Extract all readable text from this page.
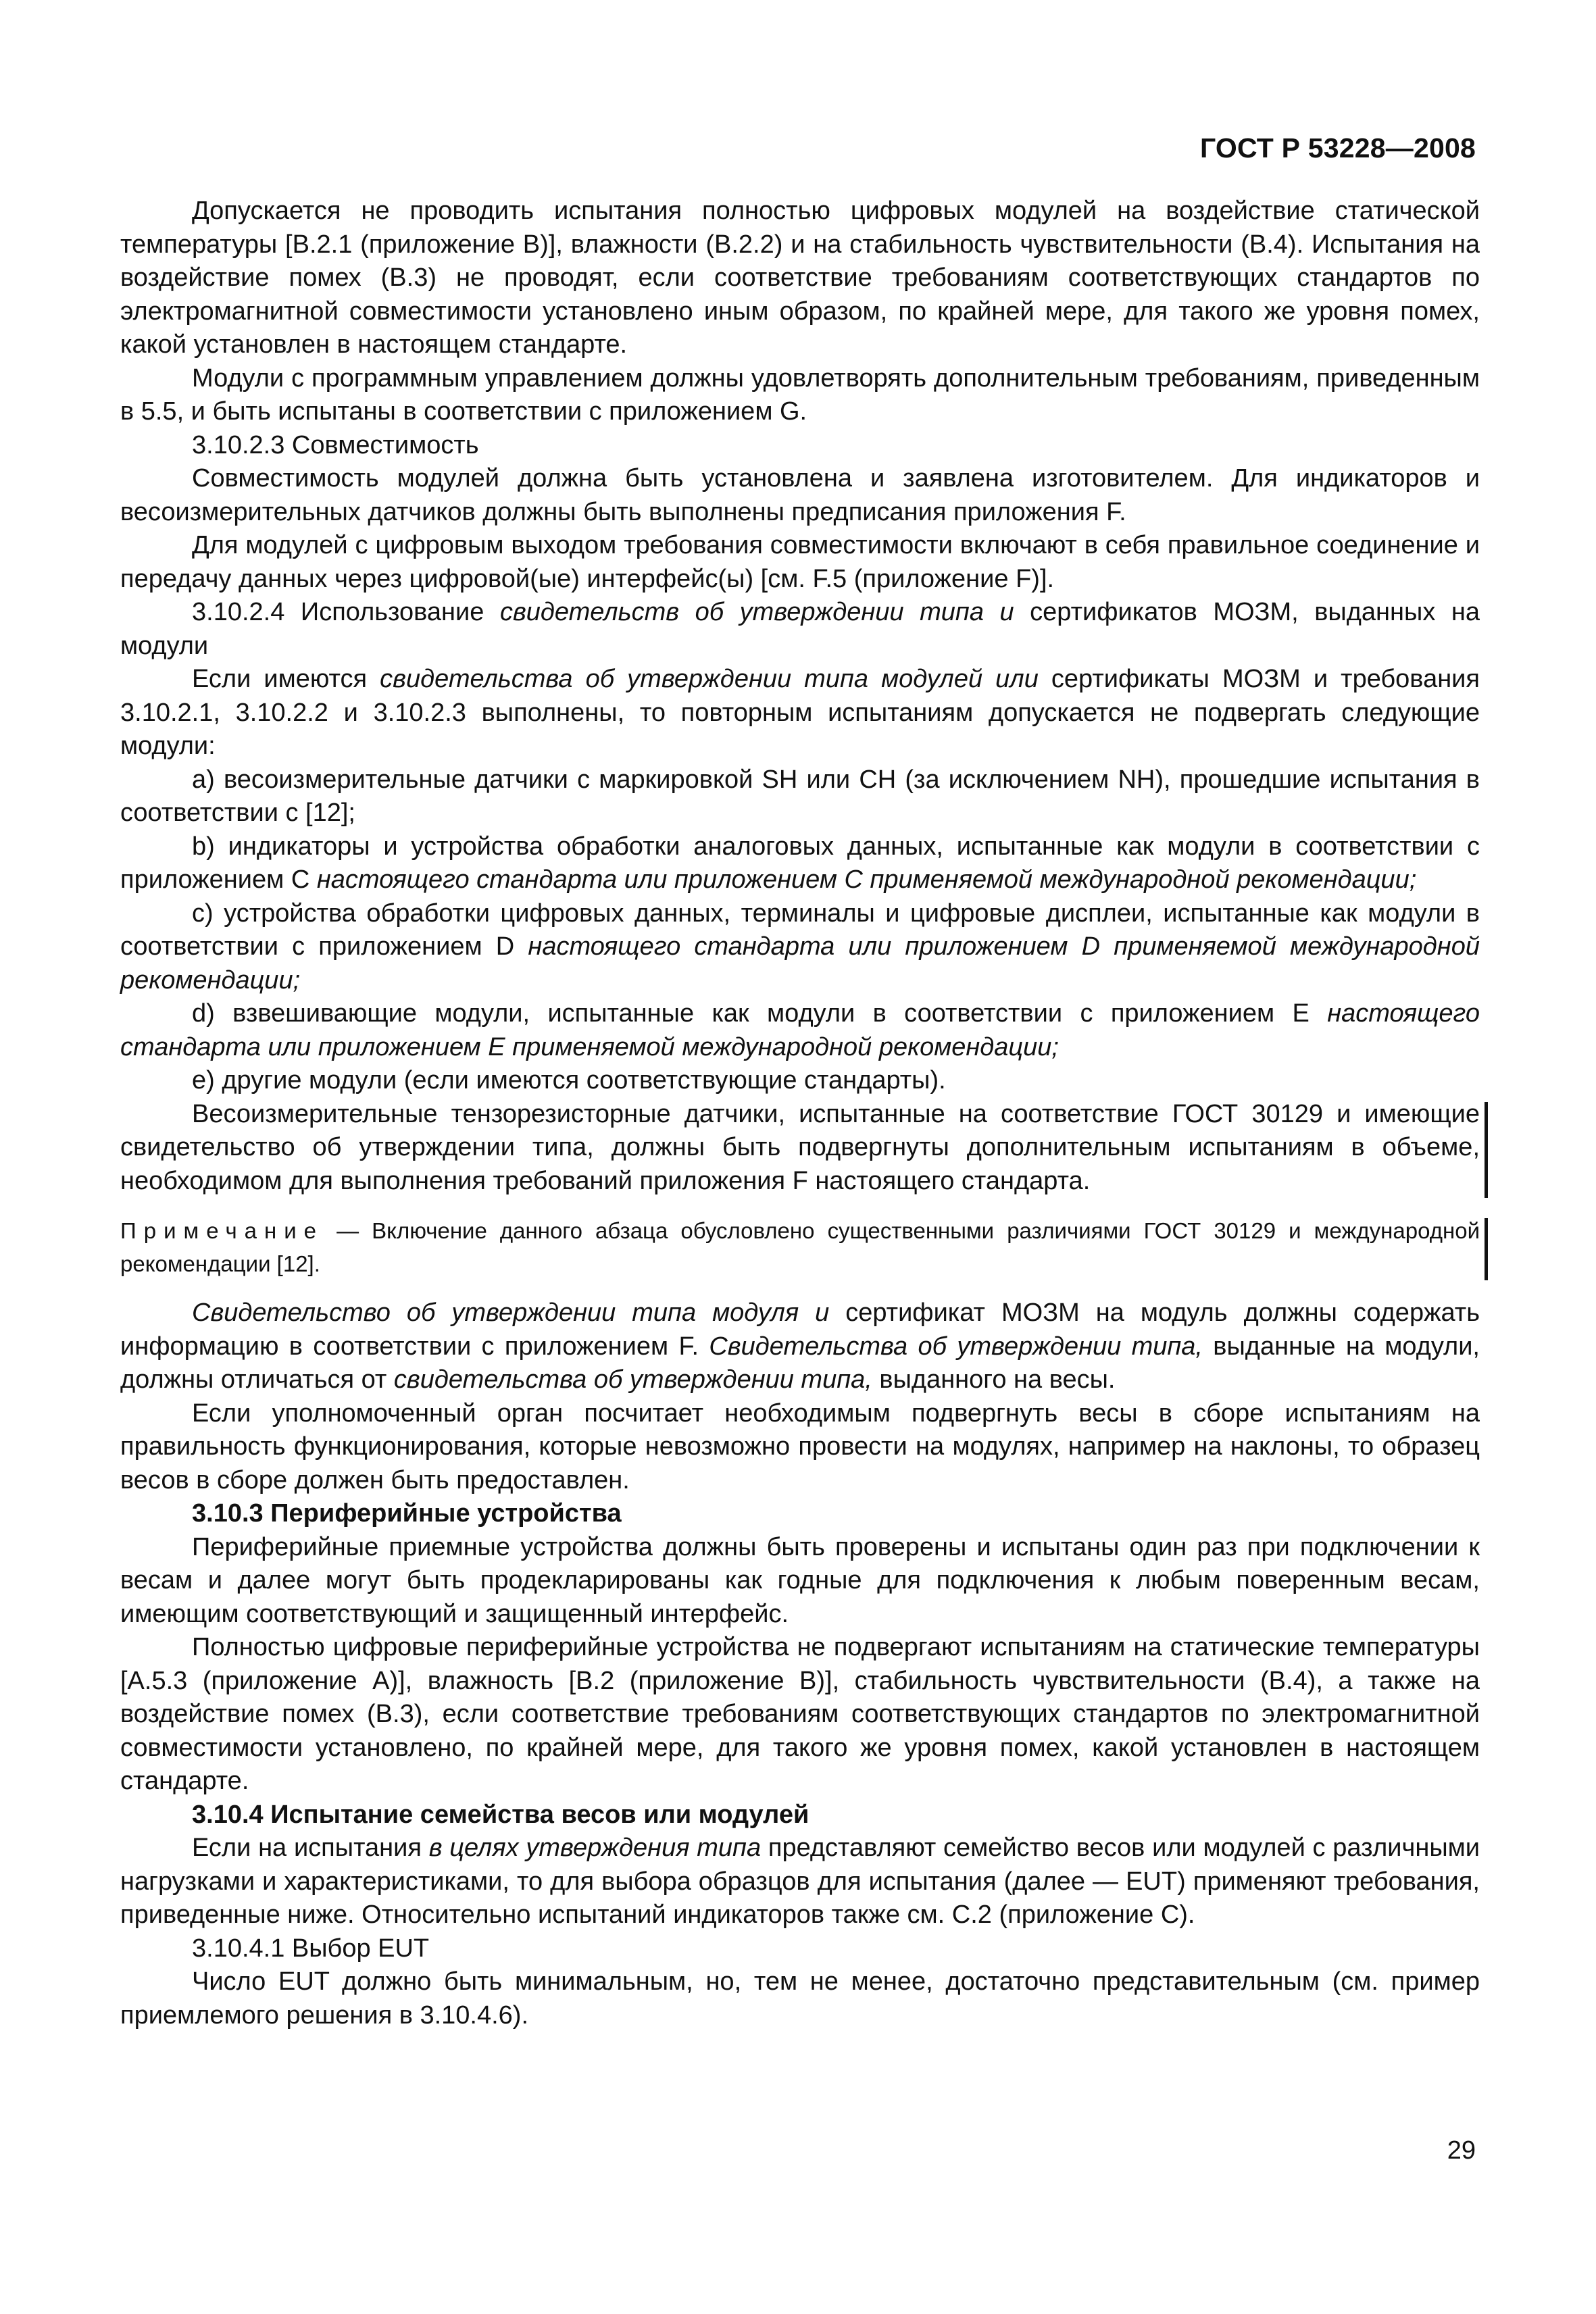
ГОСТ Р 53228—2008

Допускается не проводить испытания полностью цифровых модулей на воздействие статической температуры [B.2.1 (приложение B)], влажности (B.2.2) и на стабильность чувствительности (B.4). Испытания на воздействие помех (B.3) не проводят, если соответствие требованиям соответствующих стандартов по электромагнитной совместимости установлено иным образом, по крайней мере, для такого же уровня помех, какой установлен в настоящем стандарте.

Модули с программным управлением должны удовлетворять дополнительным требованиям, приведенным в 5.5, и быть испытаны в соответствии с приложением G.

3.10.2.3 Совместимость

Совместимость модулей должна быть установлена и заявлена изготовителем. Для индикаторов и весоизмерительных датчиков должны быть выполнены предписания приложения F.

Для модулей с цифровым выходом требования совместимости включают в себя правильное соединение и передачу данных через цифровой(ые) интерфейс(ы) [см. F.5 (приложение F)].

3.10.2.4 Использование свидетельств об утверждении типа и сертификатов МОЗМ, выданных на модули

Если имеются свидетельства об утверждении типа модулей или сертификаты МОЗМ и требования 3.10.2.1, 3.10.2.2 и 3.10.2.3 выполнены, то повторным испытаниям допускается не подвергать следующие модули:

a) весоизмерительные датчики с маркировкой SH или CH (за исключением NH), прошедшие испытания в соответствии с [12];

b) индикаторы и устройства обработки аналоговых данных, испытанные как модули в соответствии с приложением С настоящего стандарта или приложением С применяемой международной рекомендации;

c) устройства обработки цифровых данных, терминалы и цифровые дисплеи, испытанные как модули в соответствии с приложением D настоящего стандарта или приложением D применяемой международной рекомендации;

d) взвешивающие модули, испытанные как модули в соответствии с приложением E настоящего стандарта или приложением E применяемой международной рекомендации;

e) другие модули (если имеются соответствующие стандарты).

Весоизмерительные тензорезисторные датчики, испытанные на соответствие ГОСТ 30129 и имеющие свидетельство об утверждении типа, должны быть подвергнуты дополнительным испытаниям в объеме, необходимом для выполнения требований приложения F настоящего стандарта.

Примечание — Включение данного абзаца обусловлено существенными различиями ГОСТ 30129 и международной рекомендации [12].

Свидетельство об утверждении типа модуля и сертификат МОЗМ на модуль должны содержать информацию в соответствии с приложением F. Свидетельства об утверждении типа, выданные на модули, должны отличаться от свидетельства об утверждении типа, выданного на весы.

Если уполномоченный орган посчитает необходимым подвергнуть весы в сборе испытаниям на правильность функционирования, которые невозможно провести на модулях, например на наклоны, то образец весов в сборе должен быть предоставлен.

3.10.3 Периферийные устройства

Периферийные приемные устройства должны быть проверены и испытаны один раз при подключении к весам и далее могут быть продекларированы как годные для подключения к любым поверенным весам, имеющим соответствующий и защищенный интерфейс.

Полностью цифровые периферийные устройства не подвергают испытаниям на статические температуры [A.5.3 (приложение A)], влажность [B.2 (приложение B)], стабильность чувствительности (B.4), а также на воздействие помех (B.3), если соответствие требованиям соответствующих стандартов по электромагнитной совместимости установлено, по крайней мере, для такого же уровня помех, какой установлен в настоящем стандарте.

3.10.4 Испытание семейства весов или модулей

Если на испытания в целях утверждения типа представляют семейство весов или модулей с различными нагрузками и характеристиками, то для выбора образцов для испытания (далее — EUT) применяют требования, приведенные ниже. Относительно испытаний индикаторов также см. С.2 (приложение С).

3.10.4.1 Выбор EUT

Число EUT должно быть минимальным, но, тем не менее, достаточно представительным (см. пример приемлемого решения в 3.10.4.6).

29
